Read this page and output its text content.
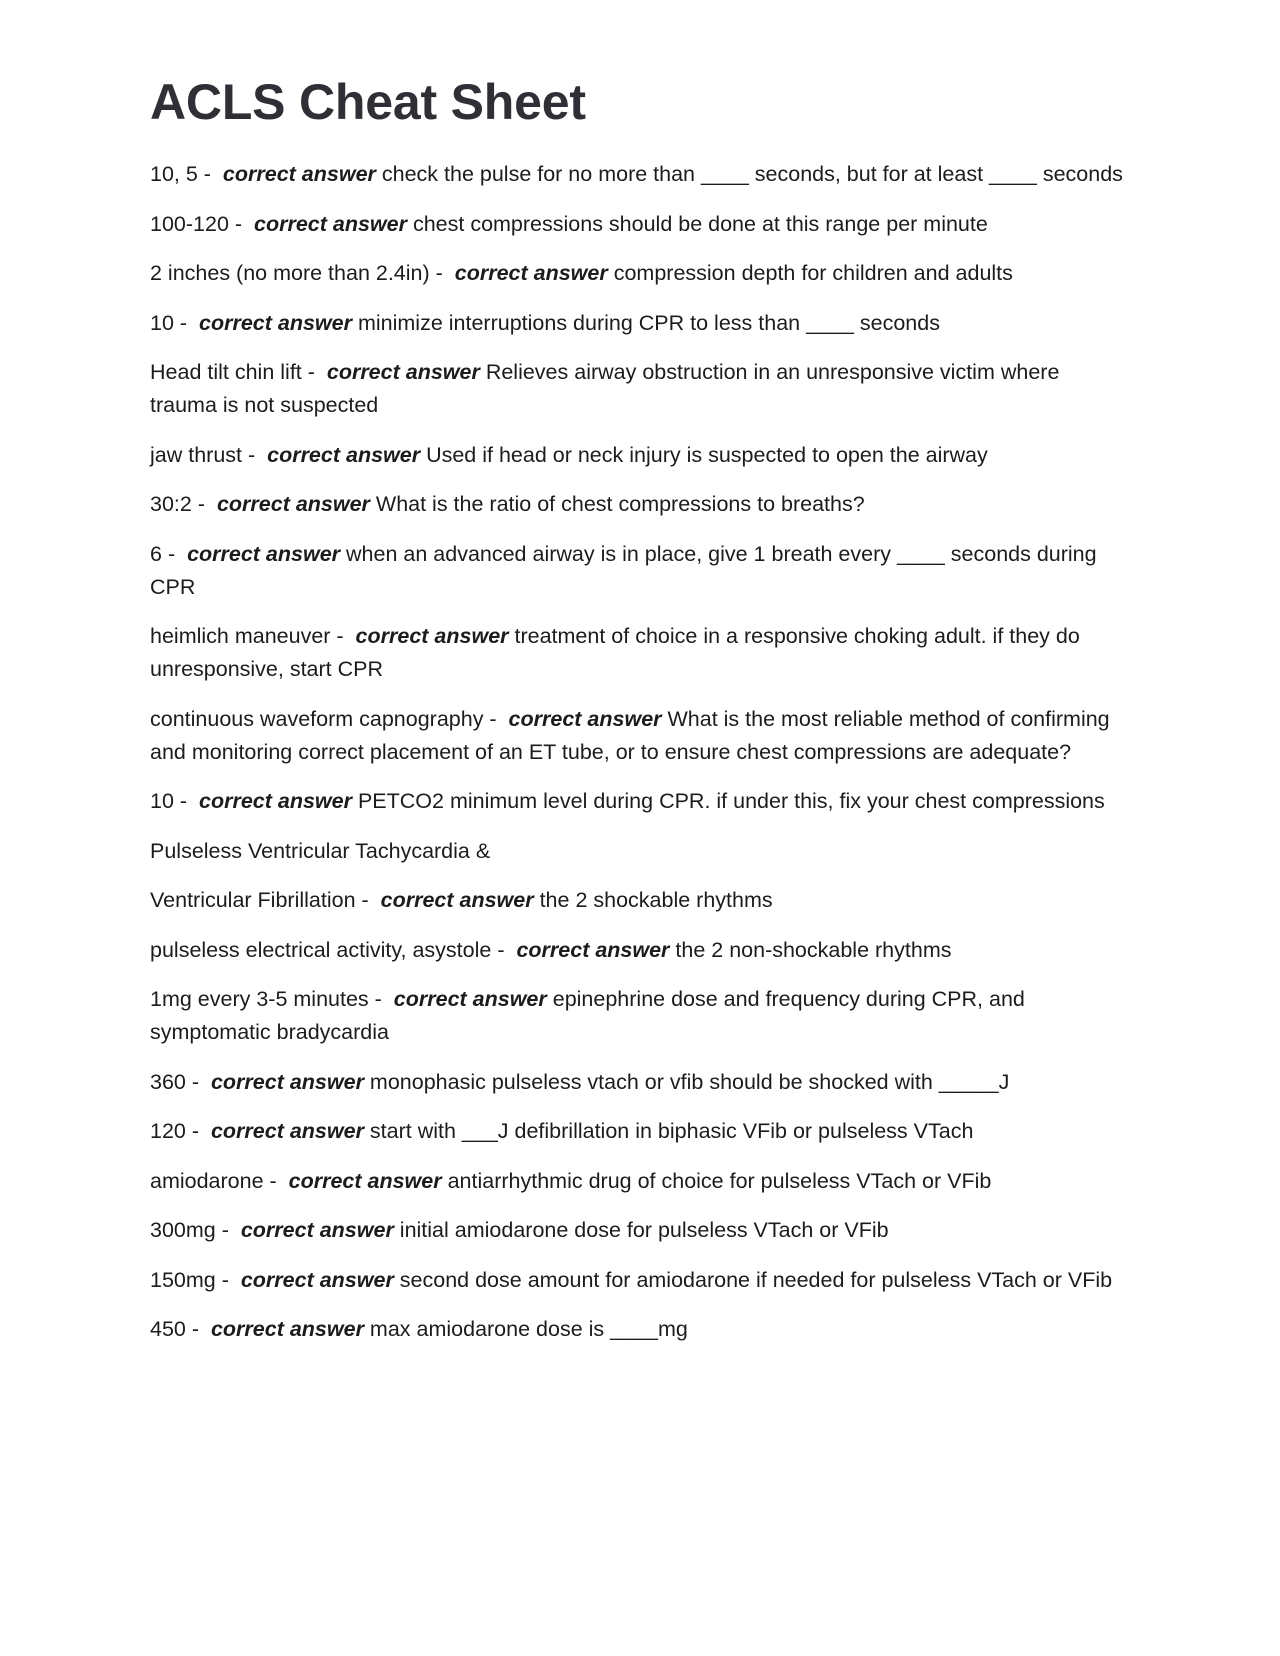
ACLS Cheat Sheet

10, 5 -  correct answer check the pulse for no more than ____ seconds, but for at least ____ seconds

100-120 -  correct answer chest compressions should be done at this range per minute

2 inches (no more than 2.4in) -  correct answer compression depth for children and adults

10 -  correct answer minimize interruptions during CPR to less than ____ seconds

Head tilt chin lift -  correct answer Relieves airway obstruction in an unresponsive victim where trauma is not suspected

jaw thrust -  correct answer Used if head or neck injury is suspected to open the airway

30:2 -  correct answer What is the ratio of chest compressions to breaths?

6 -  correct answer when an advanced airway is in place, give 1 breath every ____ seconds during CPR

heimlich maneuver -  correct answer treatment of choice in a responsive choking adult. if they do unresponsive, start CPR

continuous waveform capnography -  correct answer What is the most reliable method of confirming and monitoring correct placement of an ET tube, or to ensure chest compressions are adequate?

10 -  correct answer PETCO2 minimum level during CPR. if under this, fix your chest compressions

Pulseless Ventricular Tachycardia &

Ventricular Fibrillation -  correct answer the 2 shockable rhythms

pulseless electrical activity, asystole -  correct answer the 2 non-shockable rhythms

1mg every 3-5 minutes -  correct answer epinephrine dose and frequency during CPR, and symptomatic bradycardia

360 -  correct answer monophasic pulseless vtach or vfib should be shocked with _____J

120 -  correct answer start with ___J defibrillation in biphasic VFib or pulseless VTach

amiodarone -  correct answer antiarrhythmic drug of choice for pulseless VTach or VFib

300mg -  correct answer initial amiodarone dose for pulseless VTach or VFib

150mg -  correct answer second dose amount for amiodarone if needed for pulseless VTach or VFib

450 -  correct answer max amiodarone dose is ____mg
